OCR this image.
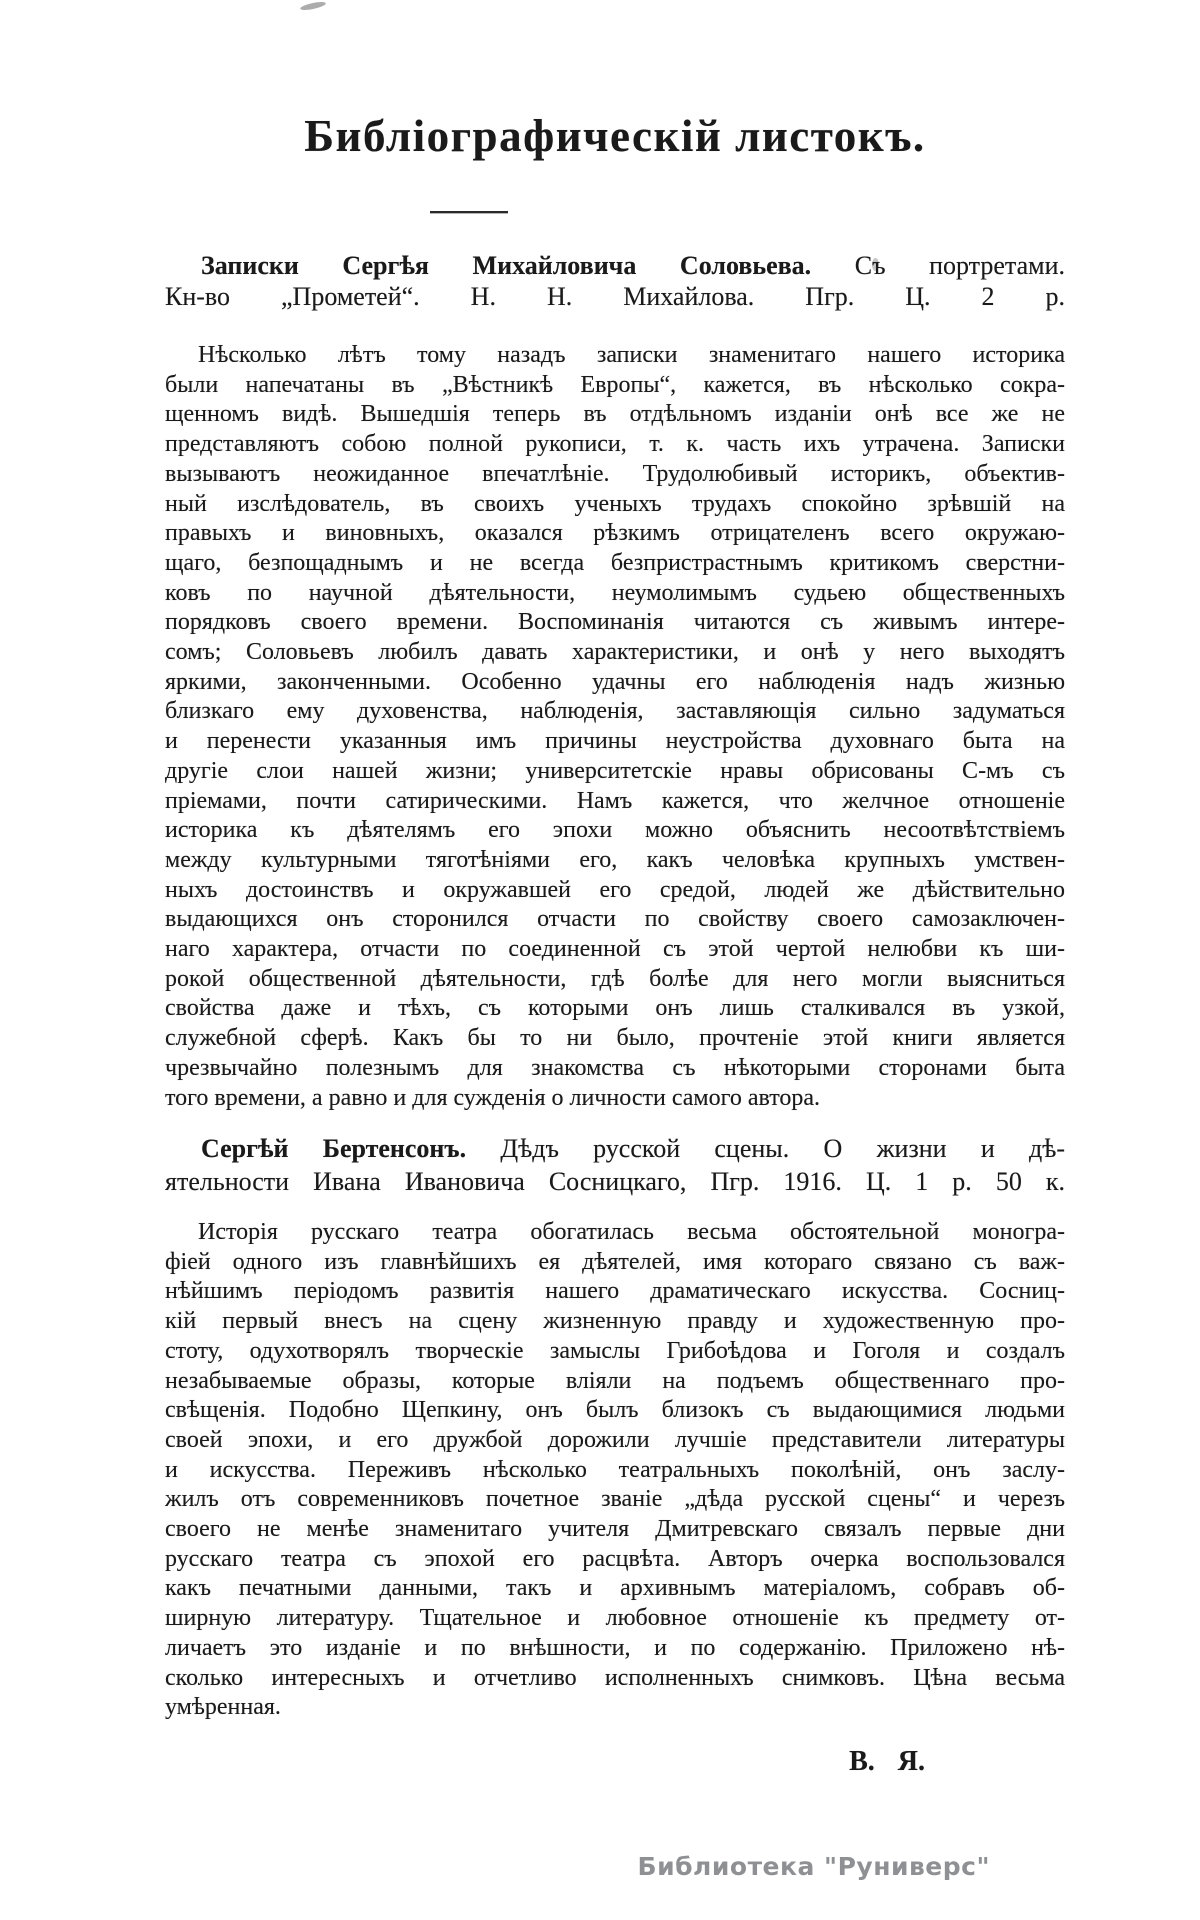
Библіографическій листокъ.
Записки Сергѣя Михайловича Соловьева. Съ портретами.
Кн-во „Прометей“. Н. Н. Михайлова. Пгр. Ц. 2 р.
Нѣсколько лѣтъ тому назадъ записки знаменитаго нашего историка
были напечатаны въ „Вѣстникѣ Европы“, кажется, въ нѣсколько сокра-
щенномъ видѣ. Вышедшія теперь въ отдѣльномъ изданіи онѣ все же не
представляютъ собою полной рукописи, т. к. часть ихъ утрачена. Записки
вызываютъ неожиданное впечатлѣніе. Трудолюбивый историкъ, объектив-
ный изслѣдователь, въ своихъ ученыхъ трудахъ спокойно зрѣвшій на
правыхъ и виновныхъ, оказался рѣзкимъ отрицателенъ всего окружаю-
щаго, безпощаднымъ и не всегда безпристрастнымъ критикомъ сверстни-
ковъ по научной дѣятельности, неумолимымъ судьею общественныхъ
порядковъ своего времени. Воспоминанія читаются съ живымъ интере-
сомъ; Соловьевъ любилъ давать характеристики, и онѣ у него выходятъ
яркими, законченными. Особенно удачны его наблюденія надъ жизнью
близкаго ему духовенства, наблюденія, заставляющія сильно задуматься
и перенести указанныя имъ причины неустройства духовнаго быта на
другіе слои нашей жизни; университетскіе нравы обрисованы С-мъ съ
пріемами, почти сатирическими. Намъ кажется, что желчное отношеніе
историка къ дѣятелямъ его эпохи можно объяснить несоотвѣтствіемъ
между культурными тяготѣніями его, какъ человѣка крупныхъ умствен-
ныхъ достоинствъ и окружавшей его средой, людей же дѣйствительно
выдающихся онъ сторонился отчасти по свойству своего самозаключен-
наго характера, отчасти по соединенной съ этой чертой нелюбви къ ши-
рокой общественной дѣятельности, гдѣ болѣе для него могли выясниться
свойства даже и тѣхъ, съ которыми онъ лишь сталкивался въ узкой,
служебной сферѣ. Какъ бы то ни было, прочтеніе этой книги является
чрезвычайно полезнымъ для знакомства съ нѣкоторыми сторонами быта
того времени, а равно и для сужденія о личности самого автора.
Сергѣй Бертенсонъ. Дѣдъ русской сцены. О жизни и дѣ-
ятельности Ивана Ивановича Сосницкаго, Пгр. 1916. Ц. 1 р. 50 к.
Исторія русскаго театра обогатилась весьма обстоятельной моногра-
фіей одного изъ главнѣйшихъ ея дѣятелей, имя котораго связано съ важ-
нѣйшимъ періодомъ развитія нашего драматическаго искусства. Сосниц-
кій первый внесъ на сцену жизненную правду и художественную про-
стоту, одухотворялъ творческіе замыслы Грибоѣдова и Гоголя и создалъ
незабываемые образы, которые вліяли на подъемъ общественнаго про-
свѣщенія. Подобно Щепкину, онъ былъ близокъ съ выдающимися людьми
своей эпохи, и его дружбой дорожили лучшіе представители литературы
и искусства. Переживъ нѣсколько театральныхъ поколѣній, онъ заслу-
жилъ отъ современниковъ почетное званіе „дѣда русской сцены“ и черезъ
своего не менѣе знаменитаго учителя Дмитревскаго связалъ первые дни
русскаго театра съ эпохой его расцвѣта. Авторъ очерка воспользовался
какъ печатными данными, такъ и архивнымъ матеріаломъ, собравъ об-
ширную литературу. Тщательное и любовное отношеніе къ предмету от-
личаетъ это изданіе и по внѣшности, и по содержанію. Приложено нѣ-
сколько интересныхъ и отчетливо исполненныхъ снимковъ. Цѣна весьма
умѣренная.
В. Я.
Библиотека "Руниверс"
